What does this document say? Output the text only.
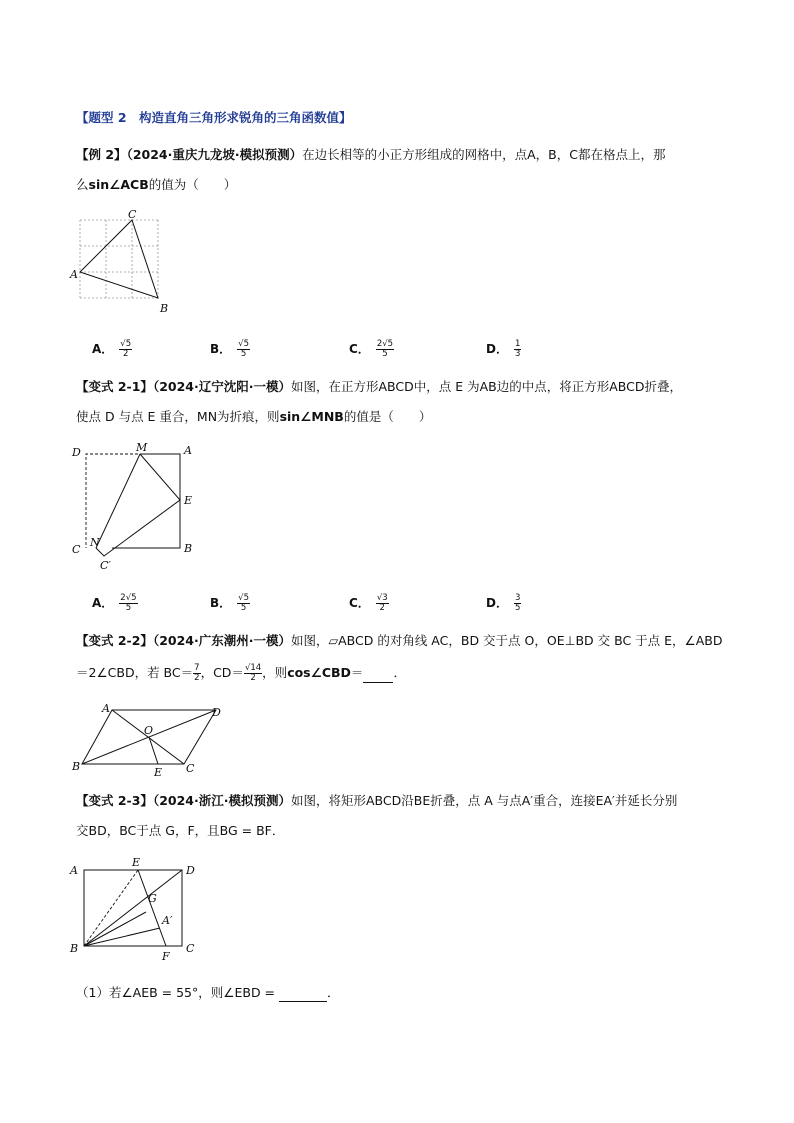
【题型 2　构造直角三角形求锐角的三角函数值】
【例 2】（2024·重庆九龙坡·模拟预测）在边长相等的小正方形组成的网格中，点A，B，C都在格点上，那
么sin∠ACB的值为（　　）
A
C
B
A． $\frac{√5}{2}$	B． $\frac{√5}{5}$	C． $\frac{2√5}{5}$	D． $\frac{1}{3}$
【变式 2-1】（2024·辽宁沈阳·一模）如图，在正方形ABCD中，点 E 为AB边的中点，将正方形ABCD折叠，
使点 D 与点 E 重合，MN为折痕，则sin∠MNB的值是（　　）
D	M	A
E
C
N	B
C′
A． $\frac{2√5}{5}$	B． $\frac{√5}{5}$	C． $\frac{√3}{2}$	D． $\frac{3}{5}$
【变式 2-2】（2024·广东潮州·一模）如图，▱ABCD 的对角线 AC，BD 交于点 O，OE⊥BD 交 BC 于点 E，∠ABD
＝2∠CBD，若 $BC= \frac{7}{2}$ ，$CD= \frac{√14}{2}$ ，则cos∠CBD＝ ．
A	D
O
B	E C
【变式 2-3】（2024·浙江·模拟预测）如图，将矩形ABCD沿BE折叠，点 A 与点A′重合，连接EA′并延长分别
交BD，BC于点 G，F，且BG = BF．
A
E
D
G
A′
B
F
C
（1）若∠AEB = 55°，则∠EBD =	．
